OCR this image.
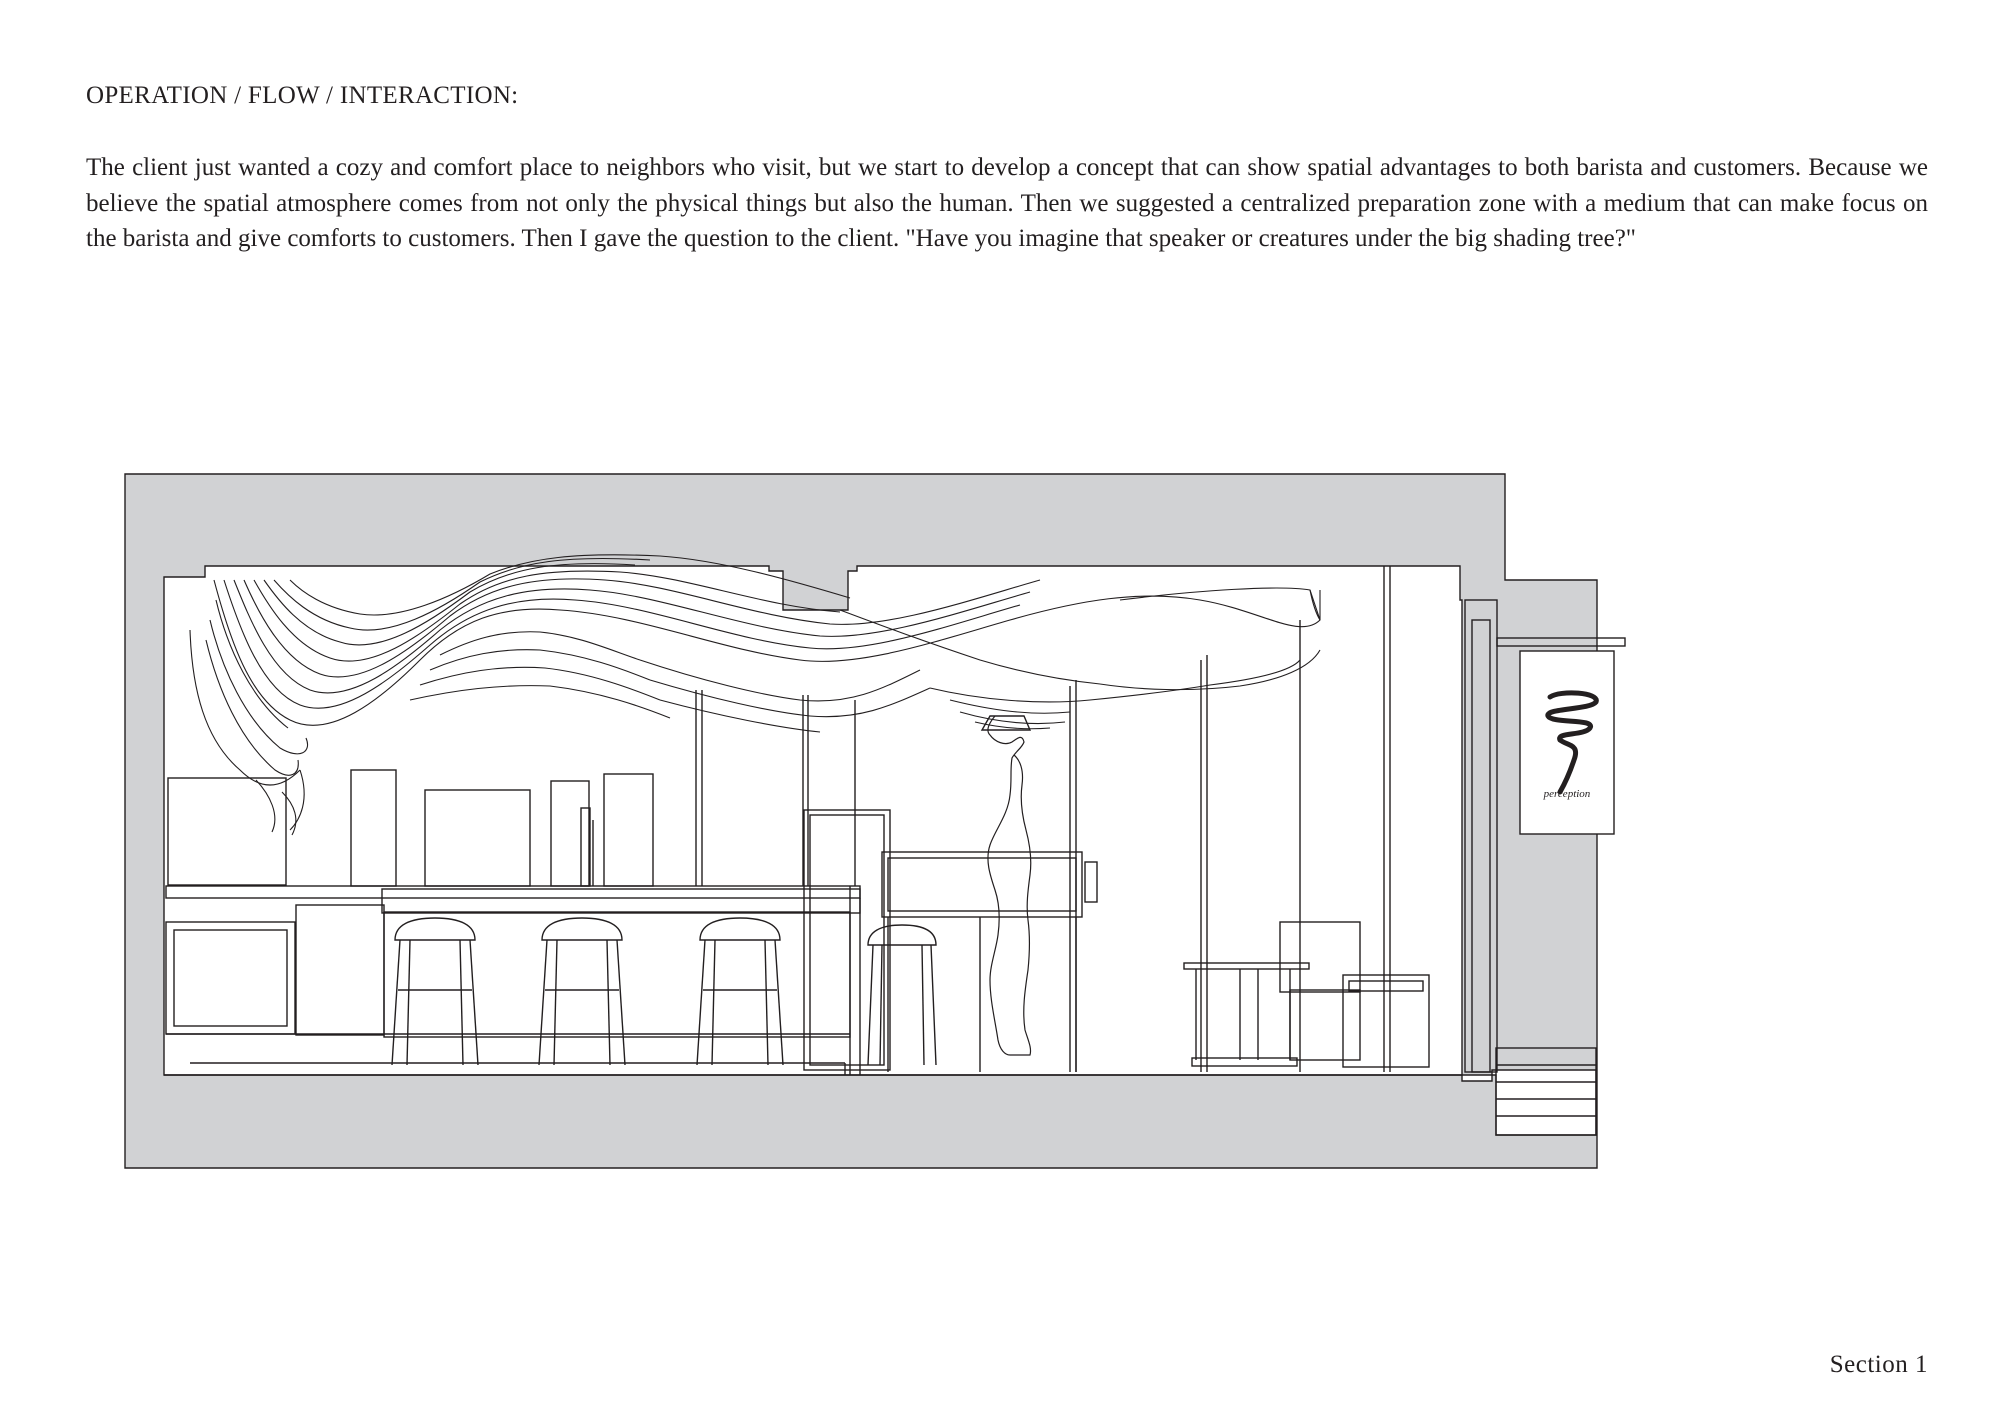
OPERATION / FLOW / INTERACTION:

The client just wanted a cozy and comfort place to neighbors who visit, but we start to develop a concept that can show spatial advantages to both barista and customers. Because we believe the spatial atmosphere comes from not only the physical things but also the human. Then we suggested a centralized preparation zone with a medium that can make focus on the barista and give comforts to customers. Then I gave the question to the client. "Have you imagine that speaker or creatures under the big shading tree?"

perception
Section 1
